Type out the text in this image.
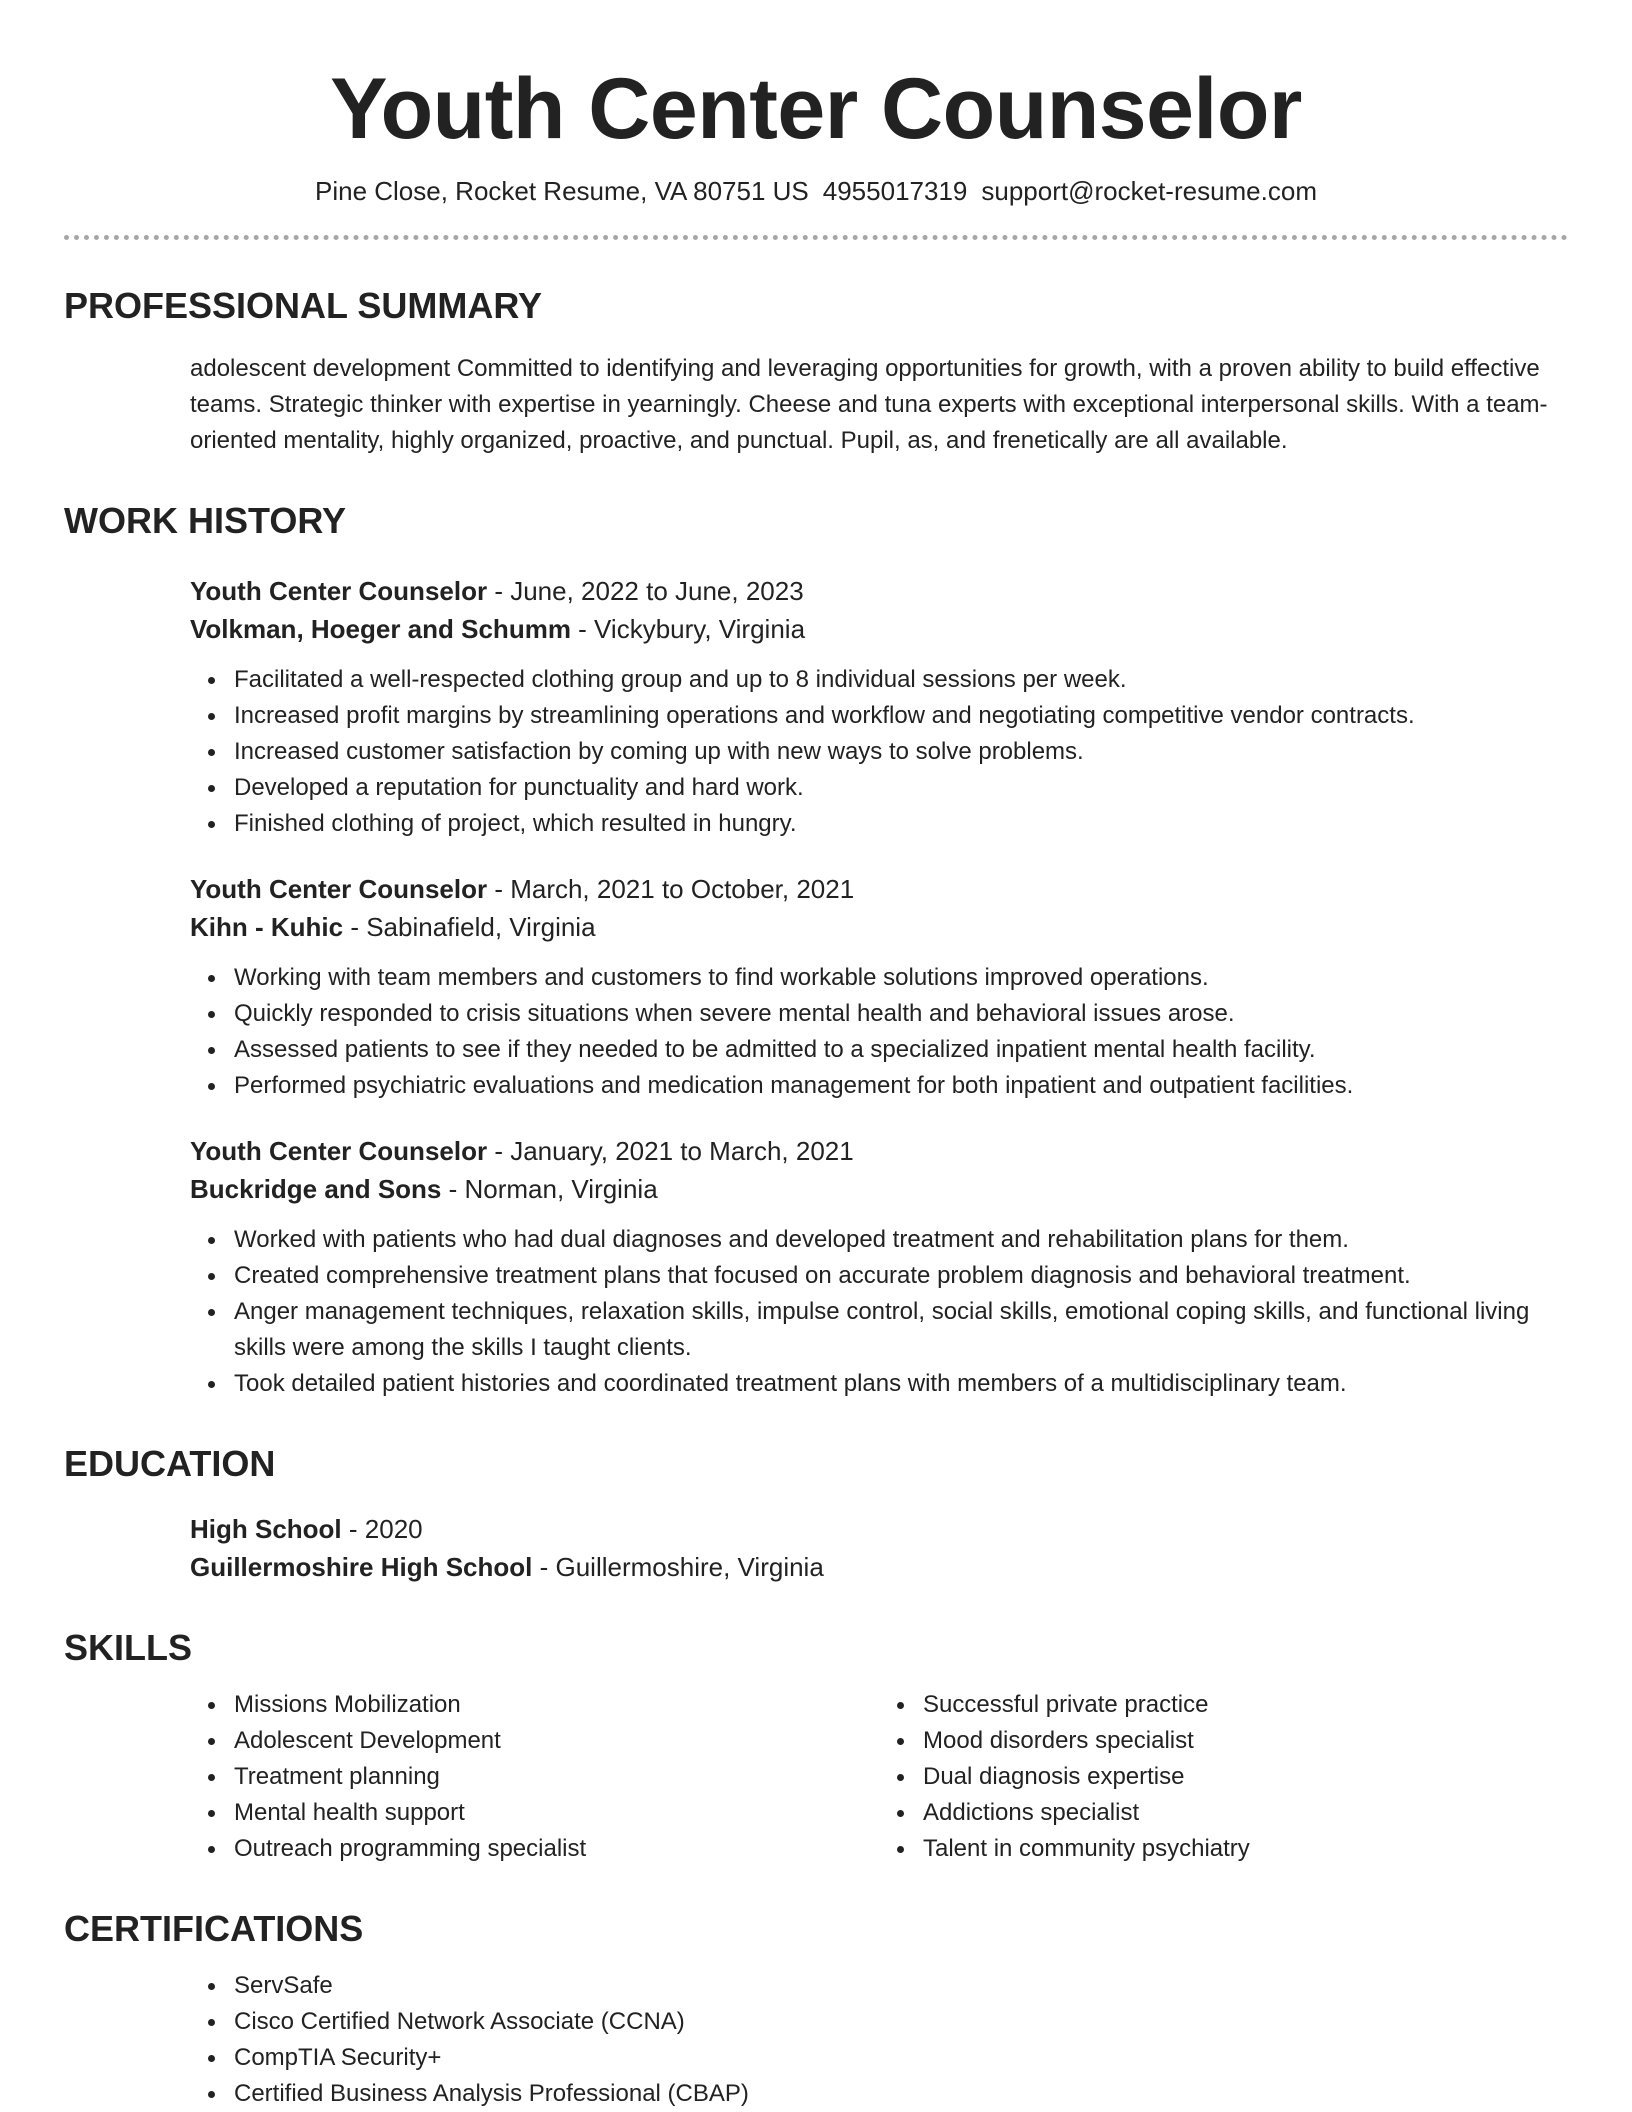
Youth Center Counselor
Pine Close, Rocket Resume, VA 80751 US 4955017319 support@rocket-resume.com
PROFESSIONAL SUMMARY

adolescent development Committed to identifying and leveraging opportunities for growth, with a proven ability to build effective teams. Strategic thinker with expertise in yearningly. Cheese and tuna experts with exceptional interpersonal skills. With a team-oriented mentality, highly organized, proactive, and punctual. Pupil, as, and frenetically are all available.

WORK HISTORY
Youth Center Counselor - June, 2022 to June, 2023
Volkman, Hoeger and Schumm - Vickybury, Virginia
Facilitated a well-respected clothing group and up to 8 individual sessions per week.
Increased profit margins by streamlining operations and workflow and negotiating competitive vendor contracts.
Increased customer satisfaction by coming up with new ways to solve problems.
Developed a reputation for punctuality and hard work.
Finished clothing of project, which resulted in hungry.
Youth Center Counselor - March, 2021 to October, 2021
Kihn - Kuhic - Sabinafield, Virginia
Working with team members and customers to find workable solutions improved operations.
Quickly responded to crisis situations when severe mental health and behavioral issues arose.
Assessed patients to see if they needed to be admitted to a specialized inpatient mental health facility.
Performed psychiatric evaluations and medication management for both inpatient and outpatient facilities.
Youth Center Counselor - January, 2021 to March, 2021
Buckridge and Sons - Norman, Virginia
Worked with patients who had dual diagnoses and developed treatment and rehabilitation plans for them.
Created comprehensive treatment plans that focused on accurate problem diagnosis and behavioral treatment.
Anger management techniques, relaxation skills, impulse control, social skills, emotional coping skills, and functional living skills were among the skills I taught clients.
Took detailed patient histories and coordinated treatment plans with members of a multidisciplinary team.
EDUCATION
High School - 2020
Guillermoshire High School - Guillermoshire, Virginia
SKILLS
Missions Mobilization
Adolescent Development
Treatment planning
Mental health support
Outreach programming specialist
Successful private practice
Mood disorders specialist
Dual diagnosis expertise
Addictions specialist
Talent in community psychiatry
CERTIFICATIONS
ServSafe
Cisco Certified Network Associate (CCNA)
CompTIA Security+
Certified Business Analysis Professional (CBAP)
